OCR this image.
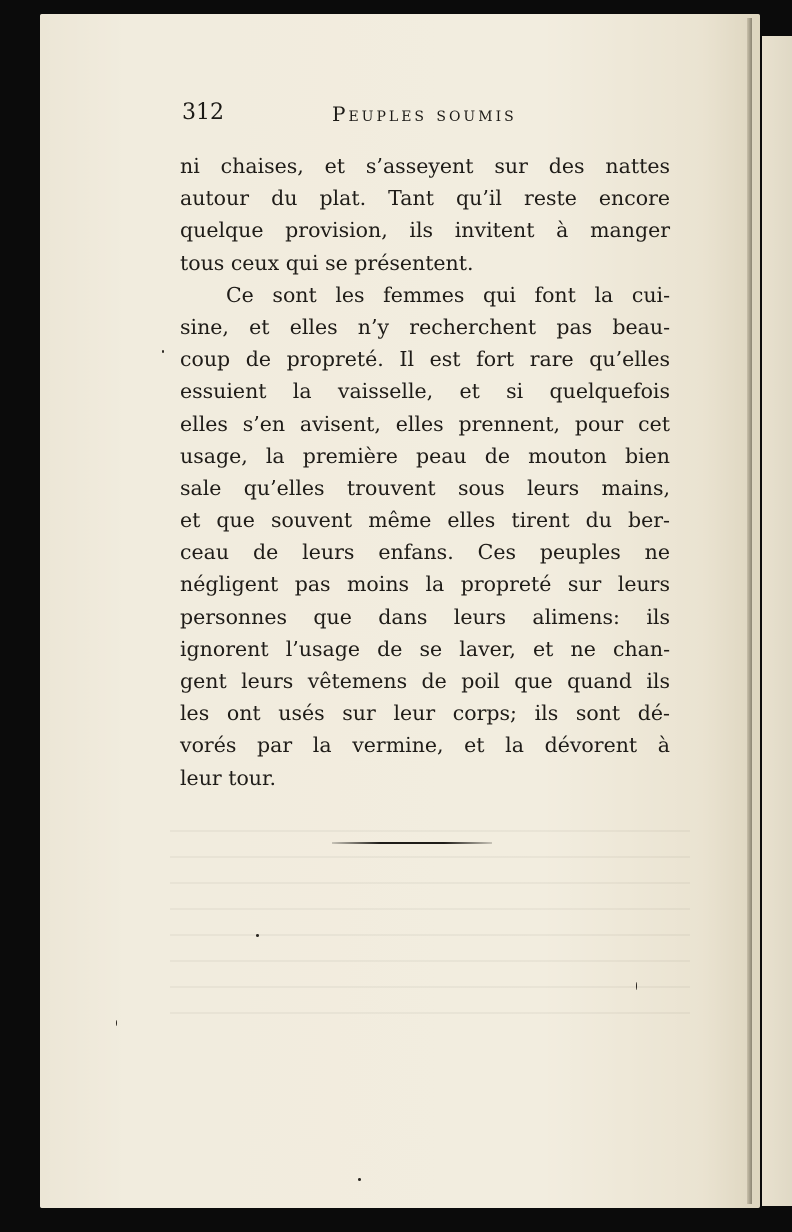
312	Peuples soumis
ni chaises, et s’asseyent sur des nattes
autour du plat. Tant qu’il reste encore
quelque provision, ils invitent à manger
tous ceux qui se présentent.
Ce sont les femmes qui font la cui-
sine, et elles n’y recherchent pas beau-
coup de propreté. Il est fort rare qu’elles
essuient la vaisselle, et si quelquefois
elles s’en avisent, elles prennent, pour cet
usage, la première peau de mouton bien
sale qu’elles trouvent sous leurs mains,
et que souvent même elles tirent du ber-
ceau de leurs enfans. Ces peuples ne
négligent pas moins la propreté sur leurs
personnes que dans leurs alimens: ils
ignorent l’usage de se laver, et ne chan-
gent leurs vêtemens de poil que quand ils
les ont usés sur leur corps; ils sont dé-
vorés par la vermine, et la dévorent à
leur tour.
